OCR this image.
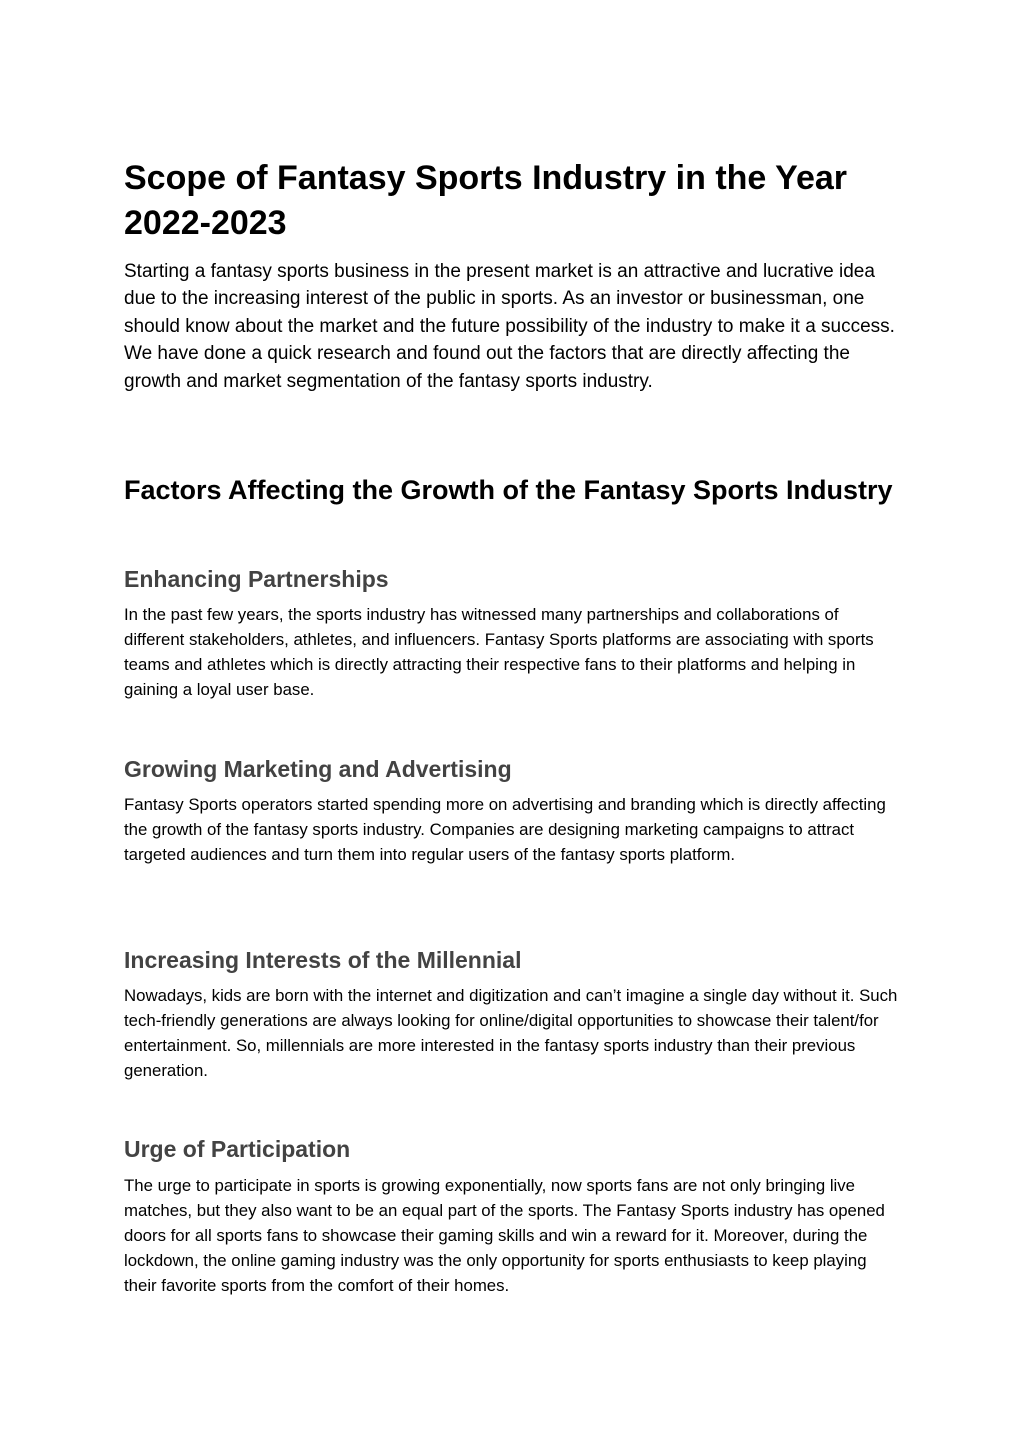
Scope of Fantasy Sports Industry in the Year 2022-2023

Starting a fantasy sports business in the present market is an attractive and lucrative idea due to the increasing interest of the public in sports. As an investor or businessman, one should know about the market and the future possibility of the industry to make it a success. We have done a quick research and found out the factors that are directly affecting the growth and market segmentation of the fantasy sports industry.

Factors Affecting the Growth of the Fantasy Sports Industry
Enhancing Partnerships

In the past few years, the sports industry has witnessed many partnerships and collaborations of different stakeholders, athletes, and influencers. Fantasy Sports platforms are associating with sports teams and athletes which is directly attracting their respective fans to their platforms and helping in gaining a loyal user base.

Growing Marketing and Advertising

Fantasy Sports operators started spending more on advertising and branding which is directly affecting the growth of the fantasy sports industry. Companies are designing marketing campaigns to attract targeted audiences and turn them into regular users of the fantasy sports platform.

Increasing Interests of the Millennial

Nowadays, kids are born with the internet and digitization and can’t imagine a single day without it. Such tech-friendly generations are always looking for online/digital opportunities to showcase their talent/for entertainment. So, millennials are more interested in the fantasy sports industry than their previous generation.

Urge of Participation

The urge to participate in sports is growing exponentially, now sports fans are not only bringing live matches, but they also want to be an equal part of the sports. The Fantasy Sports industry has opened doors for all sports fans to showcase their gaming skills and win a reward for it. Moreover, during the lockdown, the online gaming industry was the only opportunity for sports enthusiasts to keep playing their favorite sports from the comfort of their homes.
